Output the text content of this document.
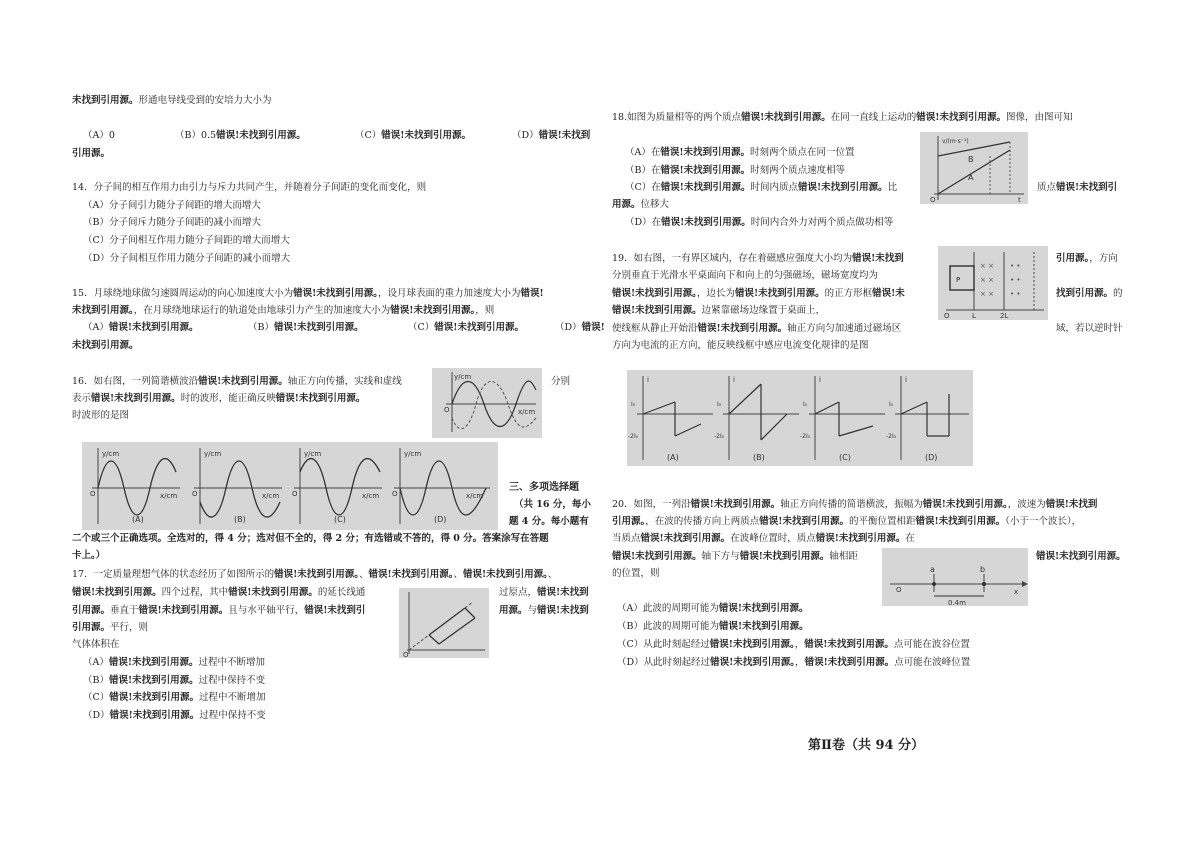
未找到引用源。形通电导线受到的安培力大小为
（A）0	（B）0.5错误!未找到引用源。	（C）错误!未找到引用源。	（D）错误!未找到
引用源。
14．分子间的相互作用力由引力与斥力共同产生，并随着分子间距的变化而变化，则
（A）分子间引力随分子间距的增大而增大
（B）分子间斥力随分子间距的减小而增大
（C）分子间相互作用力随分子间距的增大而增大
（D）分子间相互作用力随分子间距的减小而增大
15．月球绕地球做匀速圆周运动的向心加速度大小为错误!未找到引用源。，设月球表面的重力加速度大小为错误!
未找到引用源。，在月球绕地球运行的轨道处由地球引力产生的加速度大小为错误!未找到引用源。，则
（A）错误!未找到引用源。	（B）错误!未找到引用源。	（C）错误!未找到引用源。	（D）错误!
未找到引用源。
16．如右图，一列简谐横波沿错误!未找到引用源。轴正方向传播，实线和虚线	分别
表示错误!未找到引用源。时的波形，能正确反映错误!未找到引用源。
时波形的是图
y/cm
x/cm
O
y/cm
x/cm
O
(A)
y/cm
x/cm
O
(B)
y/cm
x/cm
O
(C)
y/cm
x/cm
O
(D)
三、多项选择题
（共 16 分，每小
题 4 分。每小题有
二个或三个正确选项。全选对的，得 4 分；选对但不全的，得 2 分；有选错或不答的，得 0 分。答案涂写在答题
卡上。）
17．一定质量理想气体的状态经历了如图所示的错误!未找到引用源。、错误!未找到引用源。、错误!未找到引用源。、
错误!未找到引用源。四个过程，其中错误!未找到引用源。的延长线通	过原点，错误!未找到
引用源。垂直于错误!未找到引用源。且与水平轴平行，错误!未找到引	用源。与错误!未找到
引用源。平行，则
气体体积在
O
（A）错误!未找到引用源。过程中不断增加
（B）错误!未找到引用源。过程中保持不变
（C）错误!未找到引用源。过程中不断增加
（D）错误!未找到引用源。过程中保持不变
18.如图为质量相等的两个质点错误!未找到引用源。在同一直线上运动的错误!未找到引用源。图像，由图可知
（A）在错误!未找到引用源。时刻两个质点在同一位置
（B）在错误!未找到引用源。时刻两个质点速度相等
（C）在错误!未找到引用源。时间内质点错误!未找到引用源。比	质点错误!未找到引
用源。位移大
（D）在错误!未找到引用源。时间内合外力对两个质点做功相等
v/(m·s⁻¹)
A
B
O	t
19．如右图，一有界区域内，存在着磁感应强度大小均为错误!未找到	引用源。，方向
分别垂直于光滑水平桌面向下和向上的匀强磁场，磁场宽度均为
错误!未找到引用源。，边长为错误!未找到引用源。的正方形框错误!未	找到引用源。的
错误!未找到引用源。边紧靠磁场边缘置于桌面上，
使线框从静止开始沿错误!未找到引用源。轴正方向匀加速通过磁场区	域，若以逆时针
方向为电流的正方向，能反映线框中感应电流变化规律的是图
× ×
× ×
× ×
• •
• •
• •
P
O	L	2L
i
I₀
-2I₀
(A)
i
I₀
-2I₀
(B)
i
I₀
-2I₀
(C)
i
I₀
-2I₀
(D)
20．如图，一列沿错误!未找到引用源。轴正方向传播的简谐横波，振幅为错误!未找到引用源。，波速为错误!未找到
引用源。，在波的传播方向上两质点错误!未找到引用源。的平衡位置相距错误!未找到引用源。（小于一个波长），
当质点错误!未找到引用源。在波峰位置时，质点错误!未找到引用源。在
错误!未找到引用源。轴下方与错误!未找到引用源。轴相距	错误!未找到引用源。
的位置，则
O
a	b
x
0.4m
（A）此波的周期可能为错误!未找到引用源。
（B）此波的周期可能为错误!未找到引用源。
（C）从此时刻起经过错误!未找到引用源。，错误!未找到引用源。点可能在波谷位置
（D）从此时刻起经过错误!未找到引用源。，错误!未找到引用源。点可能在波峰位置
第Ⅱ卷（共 94 分）
